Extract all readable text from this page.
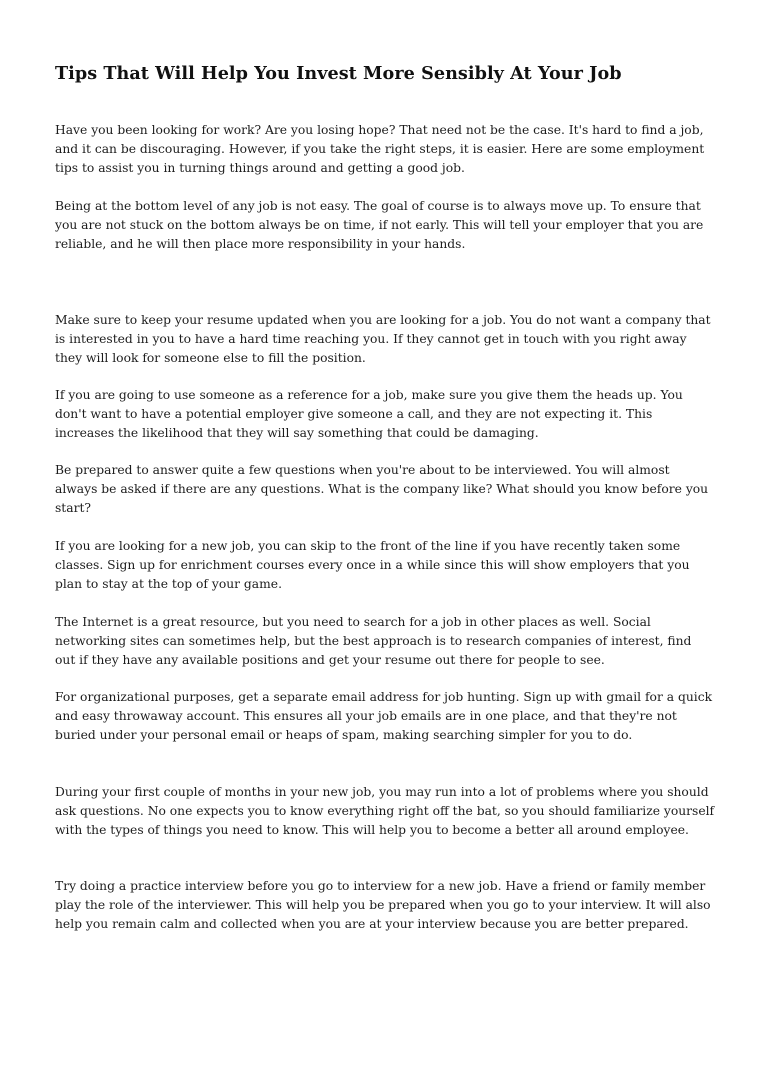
Tips That Will Help You Invest More Sensibly At Your Job

Have you been looking for work? Are you losing hope? That need not be the case. It's hard to find a job, and it can be discouraging. However, if you take the right steps, it is easier. Here are some employment tips to assist you in turning things around and getting a good job.

Being at the bottom level of any job is not easy. The goal of course is to always move up. To ensure that you are not stuck on the bottom always be on time, if not early. This will tell your employer that you are reliable, and he will then place more responsibility in your hands.

Make sure to keep your resume updated when you are looking for a job. You do not want a company that is interested in you to have a hard time reaching you. If they cannot get in touch with you right away they will look for someone else to fill the position.

If you are going to use someone as a reference for a job, make sure you give them the heads up. You don't want to have a potential employer give someone a call, and they are not expecting it. This increases the likelihood that they will say something that could be damaging.

Be prepared to answer quite a few questions when you're about to be interviewed. You will almost always be asked if there are any questions. What is the company like? What should you know before you start?

If you are looking for a new job, you can skip to the front of the line if you have recently taken some classes. Sign up for enrichment courses every once in a while since this will show employers that you plan to stay at the top of your game.

The Internet is a great resource, but you need to search for a job in other places as well. Social networking sites can sometimes help, but the best approach is to research companies of interest, find out if they have any available positions and get your resume out there for people to see.

For organizational purposes, get a separate email address for job hunting. Sign up with gmail for a quick and easy throwaway account. This ensures all your job emails are in one place, and that they're not buried under your personal email or heaps of spam, making searching simpler for you to do.

During your first couple of months in your new job, you may run into a lot of problems where you should ask questions. No one expects you to know everything right off the bat, so you should familiarize yourself with the types of things you need to know. This will help you to become a better all around employee.

Try doing a practice interview before you go to interview for a new job. Have a friend or family member play the role of the interviewer. This will help you be prepared when you go to your interview. It will also help you remain calm and collected when you are at your interview because you are better prepared.
